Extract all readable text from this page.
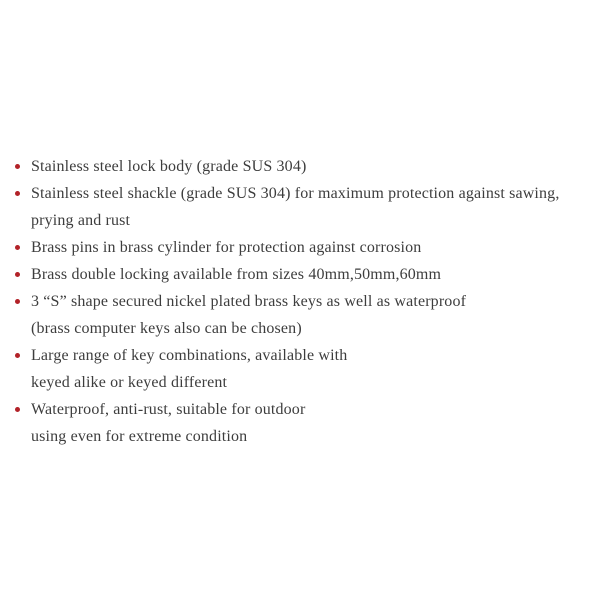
Stainless steel lock body (grade SUS 304)
Stainless steel shackle (grade SUS 304) for maximum protection against sawing,
prying and rust
Brass pins in brass cylinder for protection against corrosion
Brass double locking available from sizes 40mm,50mm,60mm
3 “S” shape secured nickel plated brass keys as well as waterproof
(brass computer keys also can be chosen)
Large range of key combinations, available with
keyed alike or keyed different
Waterproof, anti-rust, suitable for outdoor
using even for extreme condition
